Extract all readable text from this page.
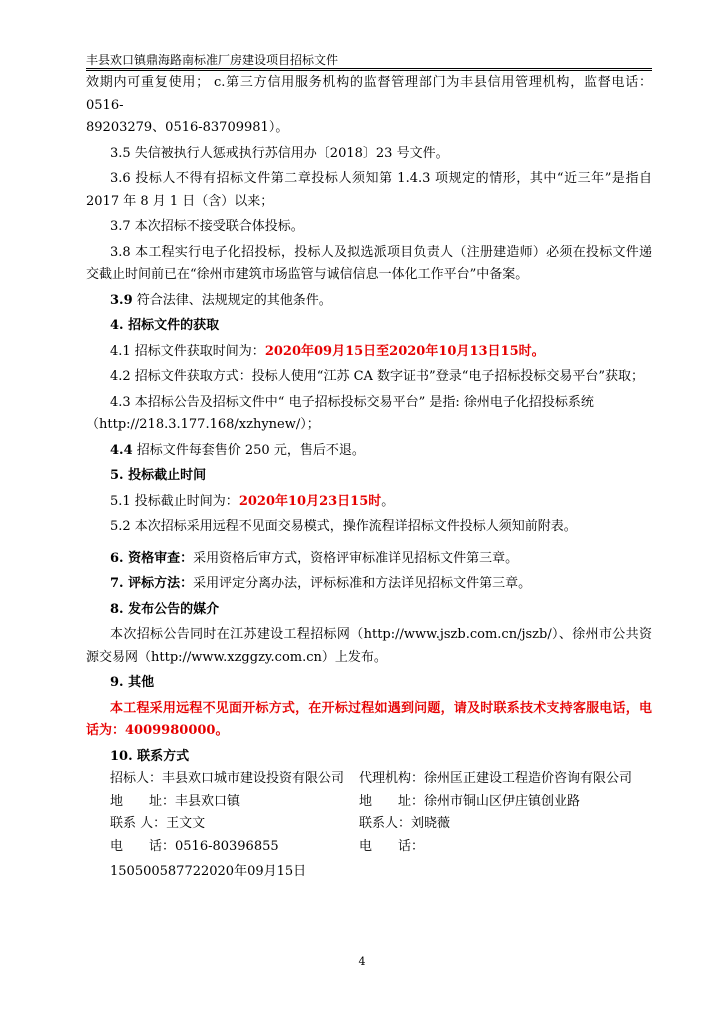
丰县欢口镇鼎海路南标准厂房建设项目招标文件

效期内可重复使用； c.第三方信用服务机构的监督管理部门为丰县信用管理机构，监督电话： 0516-

89203279、0516-83709981）。

3.5 失信被执行人惩戒执行苏信用办〔2018〕23 号文件。

3.6 投标人不得有招标文件第二章投标人须知第 1.4.3 项规定的情形，其中“近三年”是指自 2017 年 8 月 1 日（含）以来；

3.7 本次招标不接受联合体投标。

3.8 本工程实行电子化招投标，投标人及拟选派项目负责人（注册建造师）必须在投标文件递交截止时间前已在“徐州市建筑市场监管与诚信信息一体化工作平台”中备案。

3.9 符合法律、法规规定的其他条件。

4. 招标文件的获取

4.1 招标文件获取时间为：2020年09月15日至2020年10月13日15时。

4.2 招标文件获取方式：投标人使用“江苏 CA 数字证书”登录“电子招标投标交易平台”获取；

4.3 本招标公告及招标文件中“ 电子招标投标交易平台” 是指: 徐州电子化招投标系统

（http://218.3.177.168/xzhynew/）；

4.4 招标文件每套售价 250 元，售后不退。

5. 投标截止时间

5.1 投标截止时间为：2020年10月23日15时。

5.2 本次招标采用远程不见面交易模式，操作流程详招标文件投标人须知前附表。

6. 资格审查：采用资格后审方式，资格评审标准详见招标文件第三章。

7. 评标方法：采用评定分离办法，评标标准和方法详见招标文件第三章。

8. 发布公告的媒介

本次招标公告同时在江苏建设工程招标网（http://www.jszb.com.cn/jszb/）、徐州市公共资源交易网（http://www.xzggzy.com.cn）上发布。

9. 其他

本工程采用远程不见面开标方式，在开标过程如遇到问题，请及时联系技术支持客服电话，电话为：4009980000。

10. 联系方式

招标人：丰县欢口城市建设投资有限公司	代理机构：徐州匡正建设工程造价咨询有限公司
地　　址：丰县欢口镇	地　　址：徐州市铜山区伊庄镇创业路
联系 人：王文文	联系人：刘晓薇
电　　话：0516-80396855	电　　话：

150500587722020年09月15日

4
